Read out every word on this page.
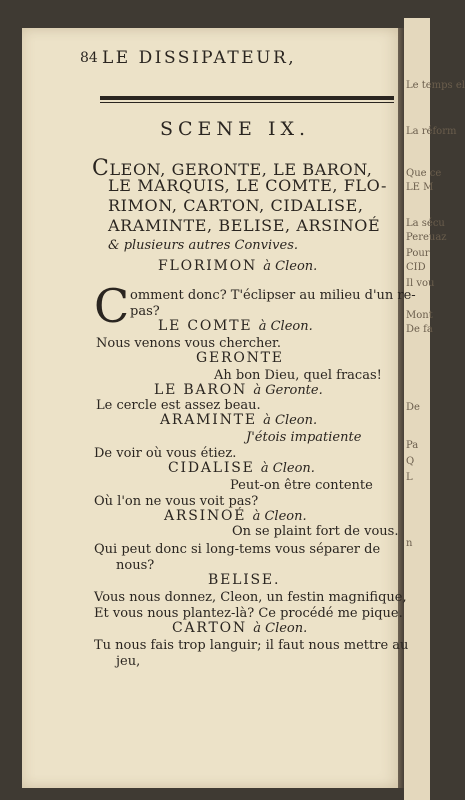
Le temps el
La réform
Que ce
LE M
La sécu
Pereuaz
Pour
CID
Il vou
Mont
De fa
De
Pa
Q
L
n
84 LE DISSIPATEUR,
SCENE IX.
CLEON, GERONTE, LE BARON,
LE MARQUIS, LE COMTE, FLO-
RIMON, CARTON, CIDALISE,
ARAMINTE, BELISE, ARSINOÉ
& plusieurs autres Convives.
FLORIMON à Cleon.
C omment donc? T'éclipser au milieu d'un re-
pas?
LE COMTE à Cleon.
Nous venons vous chercher.
GERONTE
Ah bon Dieu, quel fracas!
LE BARON à Geronte.
Le cercle est assez beau.
ARAMINTE à Cleon.
J'étois impatiente
De voir où vous étiez.
CIDALISE à Cleon.
Peut-on être contente
Où l'on ne vous voit pas?
ARSINOÉ à Cleon.
On se plaint fort de vous.
Qui peut donc si long-tems vous séparer de
nous?
BELISE.
Vous nous donnez, Cleon, un festin magnifique,
Et vous nous plantez-là? Ce procédé me pique.
CARTON à Cleon.
Tu nous fais trop languir; il faut nous mettre au
jeu,
